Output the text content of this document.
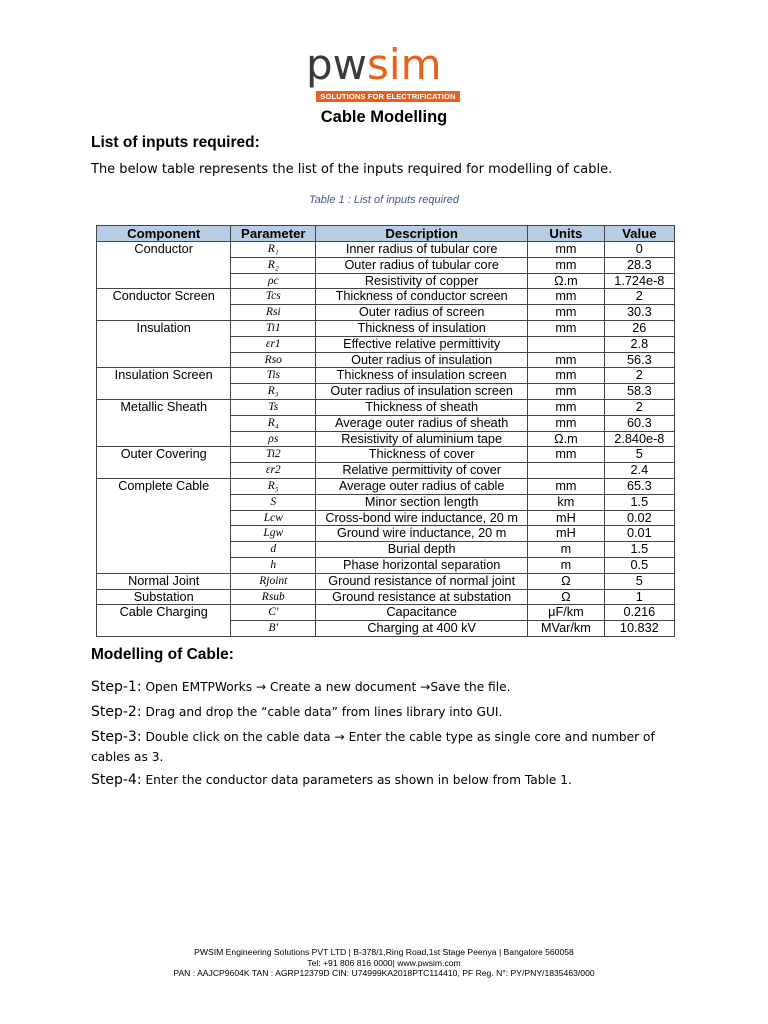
pwsim
SOLUTIONS FOR ELECTRIFICATION
Cable Modelling
List of inputs required:
The below table represents the list of the inputs required for modelling of cable.
Table 1 : List of inputs required
Component	Parameter	Description	Units	Value
Conductor	R₁	Inner radius of tubular core	mm	0
	R₂	Outer radius of tubular core	mm	28.3
	ρc	Resistivity of copper	Ω.m	1.724e-8
Conductor Screen	Tcs	Thickness of conductor screen	mm	2
	Rsi	Outer radius of screen	mm	30.3
Insulation	Ti1	Thickness of insulation	mm	26
	εr1	Effective relative permittivity		2.8
	Rso	Outer radius of insulation	mm	56.3
Insulation Screen	Tis	Thickness of insulation screen	mm	2
	R₃	Outer radius of insulation screen	mm	58.3
Metallic Sheath	Ts	Thickness of sheath	mm	2
	R₄	Average outer radius of sheath	mm	60.3
	ρs	Resistivity of aluminium tape	Ω.m	2.840e-8
Outer Covering	Ti2	Thickness of cover	mm	5
	εr2	Relative permittivity of cover		2.4
Complete Cable	R₅	Average outer radius of cable	mm	65.3
	S	Minor section length	km	1.5
	Lcw	Cross-bond wire inductance, 20 m	mH	0.02
	Lgw	Ground wire inductance, 20 m	mH	0.01
	d	Burial depth	m	1.5
	h	Phase horizontal separation	m	0.5
Normal Joint	Rjoint	Ground resistance of normal joint	Ω	5
Substation	Rsub	Ground resistance at substation	Ω	1
Cable Charging	C'	Capacitance	μF/km	0.216
	B'	Charging at 400 kV	MVar/km	10.832
Modelling of Cable:
Step-1: Open EMTPWorks → Create a new document →Save the file.
Step-2: Drag and drop the “cable data” from lines library into GUI.
Step-3: Double click on the cable data → Enter the cable type as single core and number of cables as 3.
Step-4: Enter the conductor data parameters as shown in below from Table 1.
PWSIM Engineering Solutions PVT LTD | B-378/1,Ring Road,1st Stage Peenya | Bangalore 560058
Tel: +91 806 816 0000| www.pwsim.com
PAN : AAJCP9604K TAN : AGRP12379D CIN: U74999KA2018PTC114410, PF Reg. N°: PY/PNY/1835463/000
